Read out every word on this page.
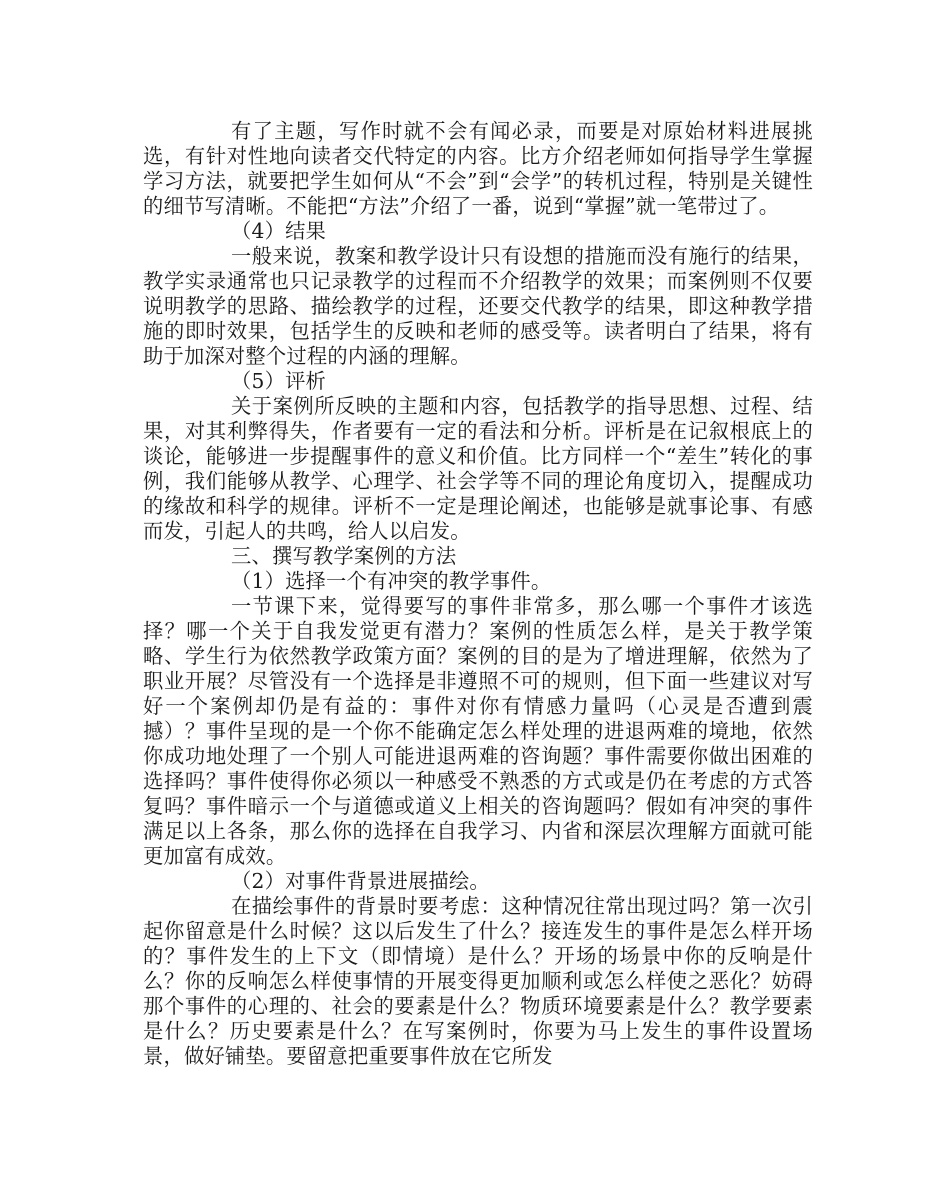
有了主题，写作时就不会有闻必录，而要是对原始材料进展挑选，有针对性地向读者交代特定的内容。比方介绍老师如何指导学生掌握学习方法，就要把学生如何从“不会”到“会学”的转机过程，特别是关键性的细节写清晰。不能把“方法”介绍了一番，说到“掌握”就一笔带过了。

（4）结果

一般来说，教案和教学设计只有设想的措施而没有施行的结果，教学实录通常也只记录教学的过程而不介绍教学的效果；而案例则不仅要说明教学的思路、描绘教学的过程，还要交代教学的结果，即这种教学措施的即时效果，包括学生的反映和老师的感受等。读者明白了结果，将有助于加深对整个过程的内涵的理解。

（5）评析

关于案例所反映的主题和内容，包括教学的指导思想、过程、结果，对其利弊得失，作者要有一定的看法和分析。评析是在记叙根底上的谈论，能够进一步提醒事件的意义和价值。比方同样一个“差生”转化的事例，我们能够从教学、心理学、社会学等不同的理论角度切入，提醒成功的缘故和科学的规律。评析不一定是理论阐述，也能够是就事论事、有感而发，引起人的共鸣，给人以启发。

三、撰写教学案例的方法

（1）选择一个有冲突的教学事件。

一节课下来，觉得要写的事件非常多，那么哪一个事件才该选择？哪一个关于自我发觉更有潜力？案例的性质怎么样，是关于教学策略、学生行为依然教学政策方面？案例的目的是为了增进理解，依然为了职业开展？尽管没有一个选择是非遵照不可的规则，但下面一些建议对写好一个案例却仍是有益的：事件对你有情感力量吗（心灵是否遭到震撼）？事件呈现的是一个你不能确定怎么样处理的进退两难的境地，依然你成功地处理了一个别人可能进退两难的咨询题？事件需要你做出困难的选择吗？事件使得你必须以一种感受不熟悉的方式或是仍在考虑的方式答复吗？事件暗示一个与道德或道义上相关的咨询题吗？假如有冲突的事件满足以上各条，那么你的选择在自我学习、内省和深层次理解方面就可能更加富有成效。

（2）对事件背景进展描绘。

在描绘事件的背景时要考虑：这种情况往常出现过吗？第一次引起你留意是什么时候？这以后发生了什么？接连发生的事件是怎么样开场的？事件发生的上下文（即情境）是什么？开场的场景中你的反响是什么？你的反响怎么样使事情的开展变得更加顺利或怎么样使之恶化？妨碍那个事件的心理的、社会的要素是什么？物质环境要素是什么？教学要素是什么？历史要素是什么？在写案例时，你要为马上发生的事件设置场景，做好铺垫。要留意把重要事件放在它所发
